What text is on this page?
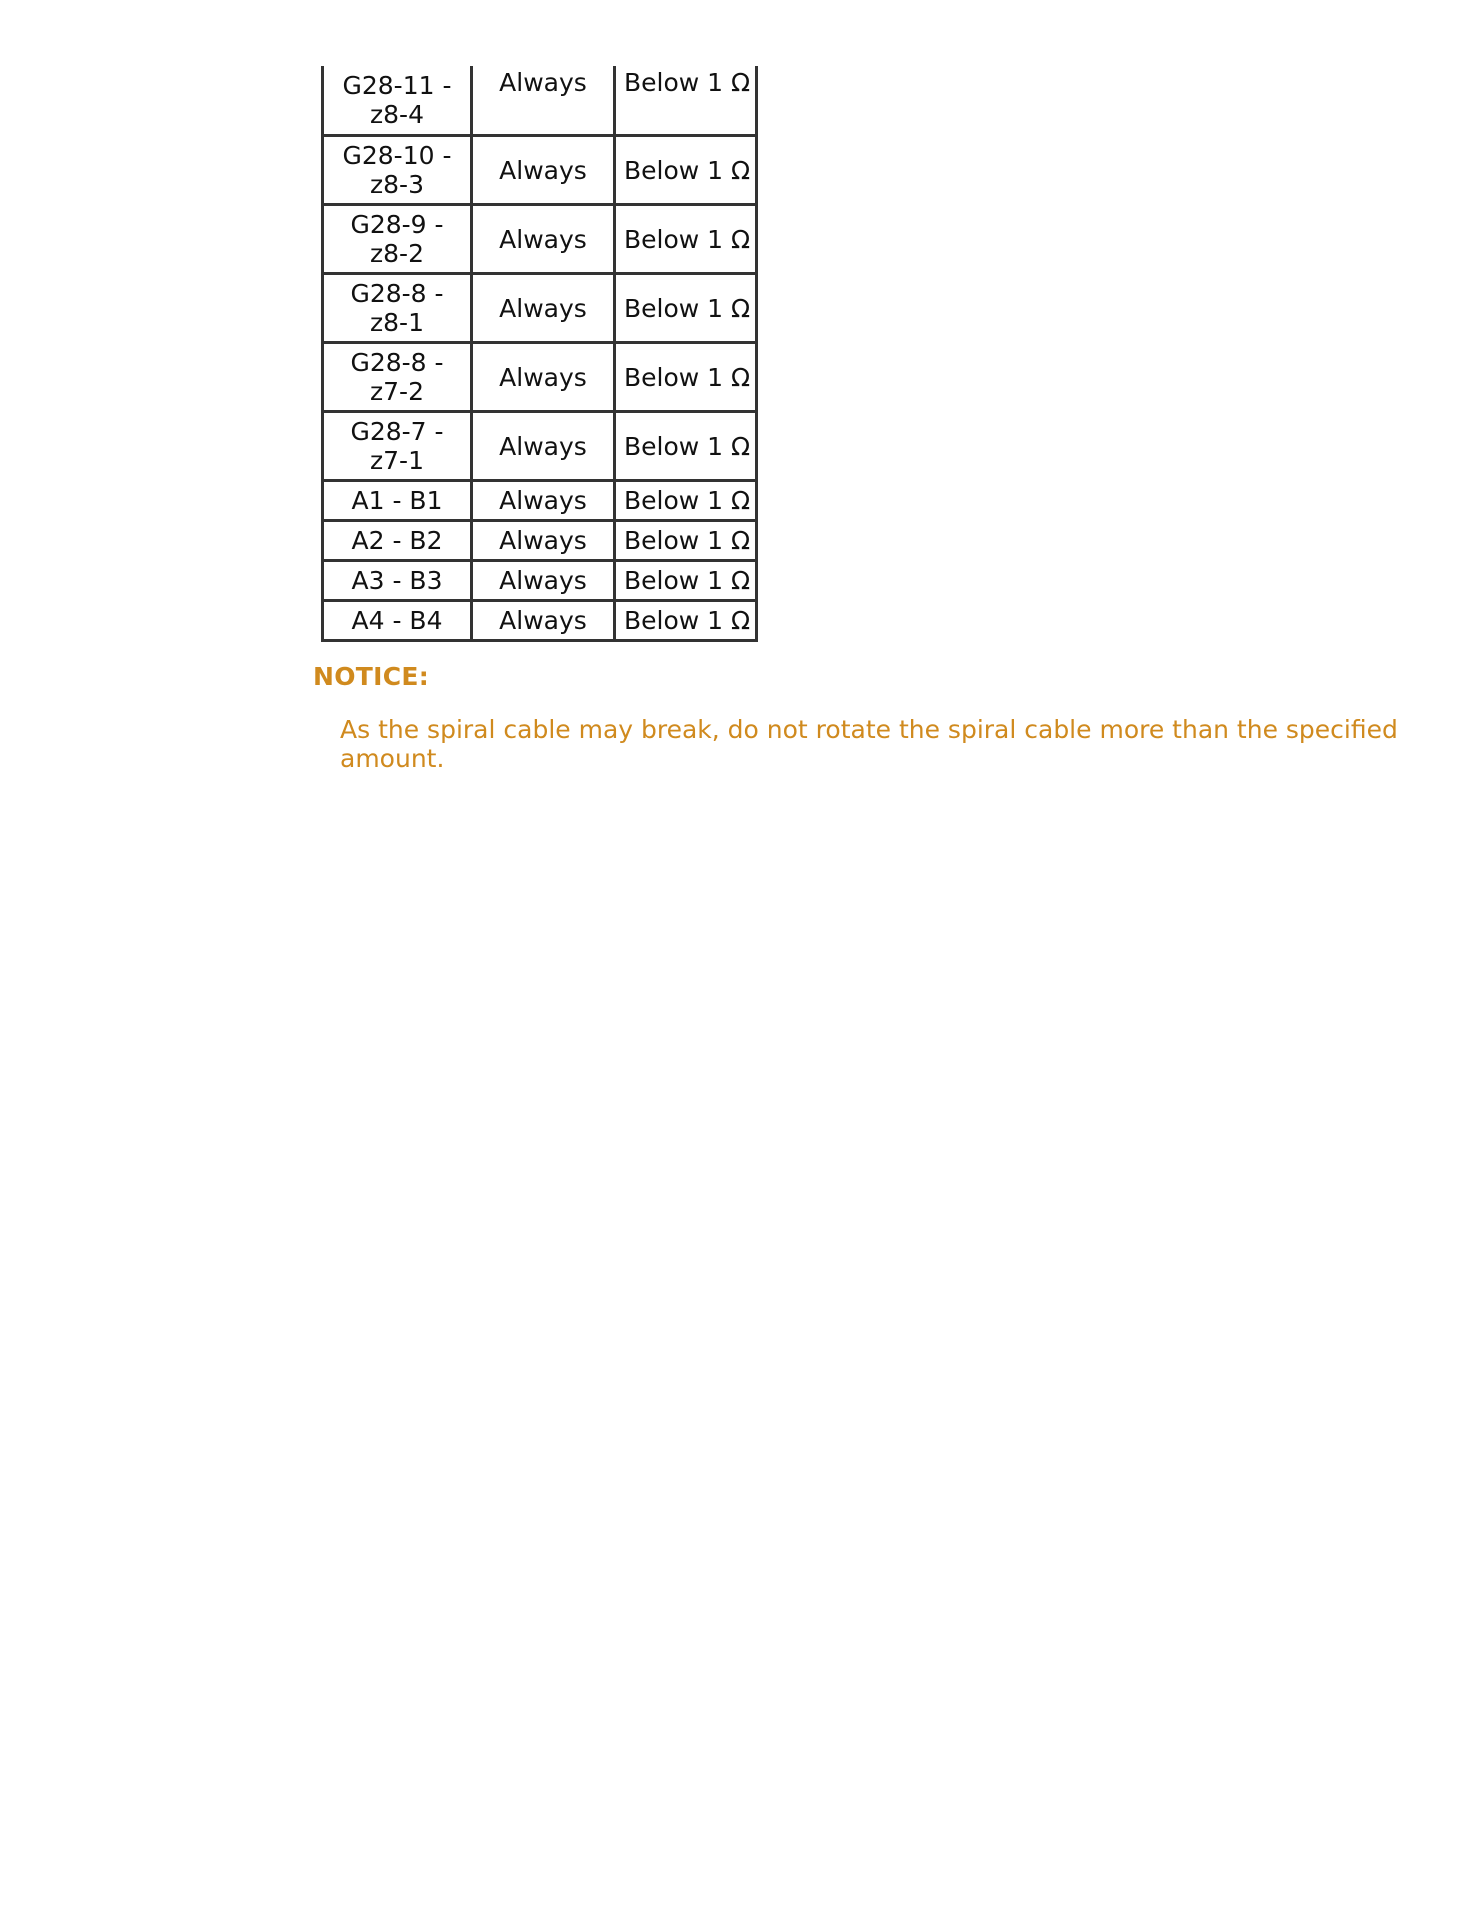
G28-11 -
z8-4	Always	Below 1 Ω

G28-10 -
z8-3	Always	Below 1 Ω

G28-9 -
z8-2	Always	Below 1 Ω

G28-8 -
z8-1	Always	Below 1 Ω

G28-8 -
z7-2	Always	Below 1 Ω

G28-7 -
z7-1	Always	Below 1 Ω
A1 - B1	Always	Below 1 Ω
A2 - B2	Always	Below 1 Ω
A3 - B3	Always	Below 1 Ω
A4 - B4	Always	Below 1 Ω
NOTICE:
As the spiral cable may break, do not rotate the spiral cable more than the specified amount.
